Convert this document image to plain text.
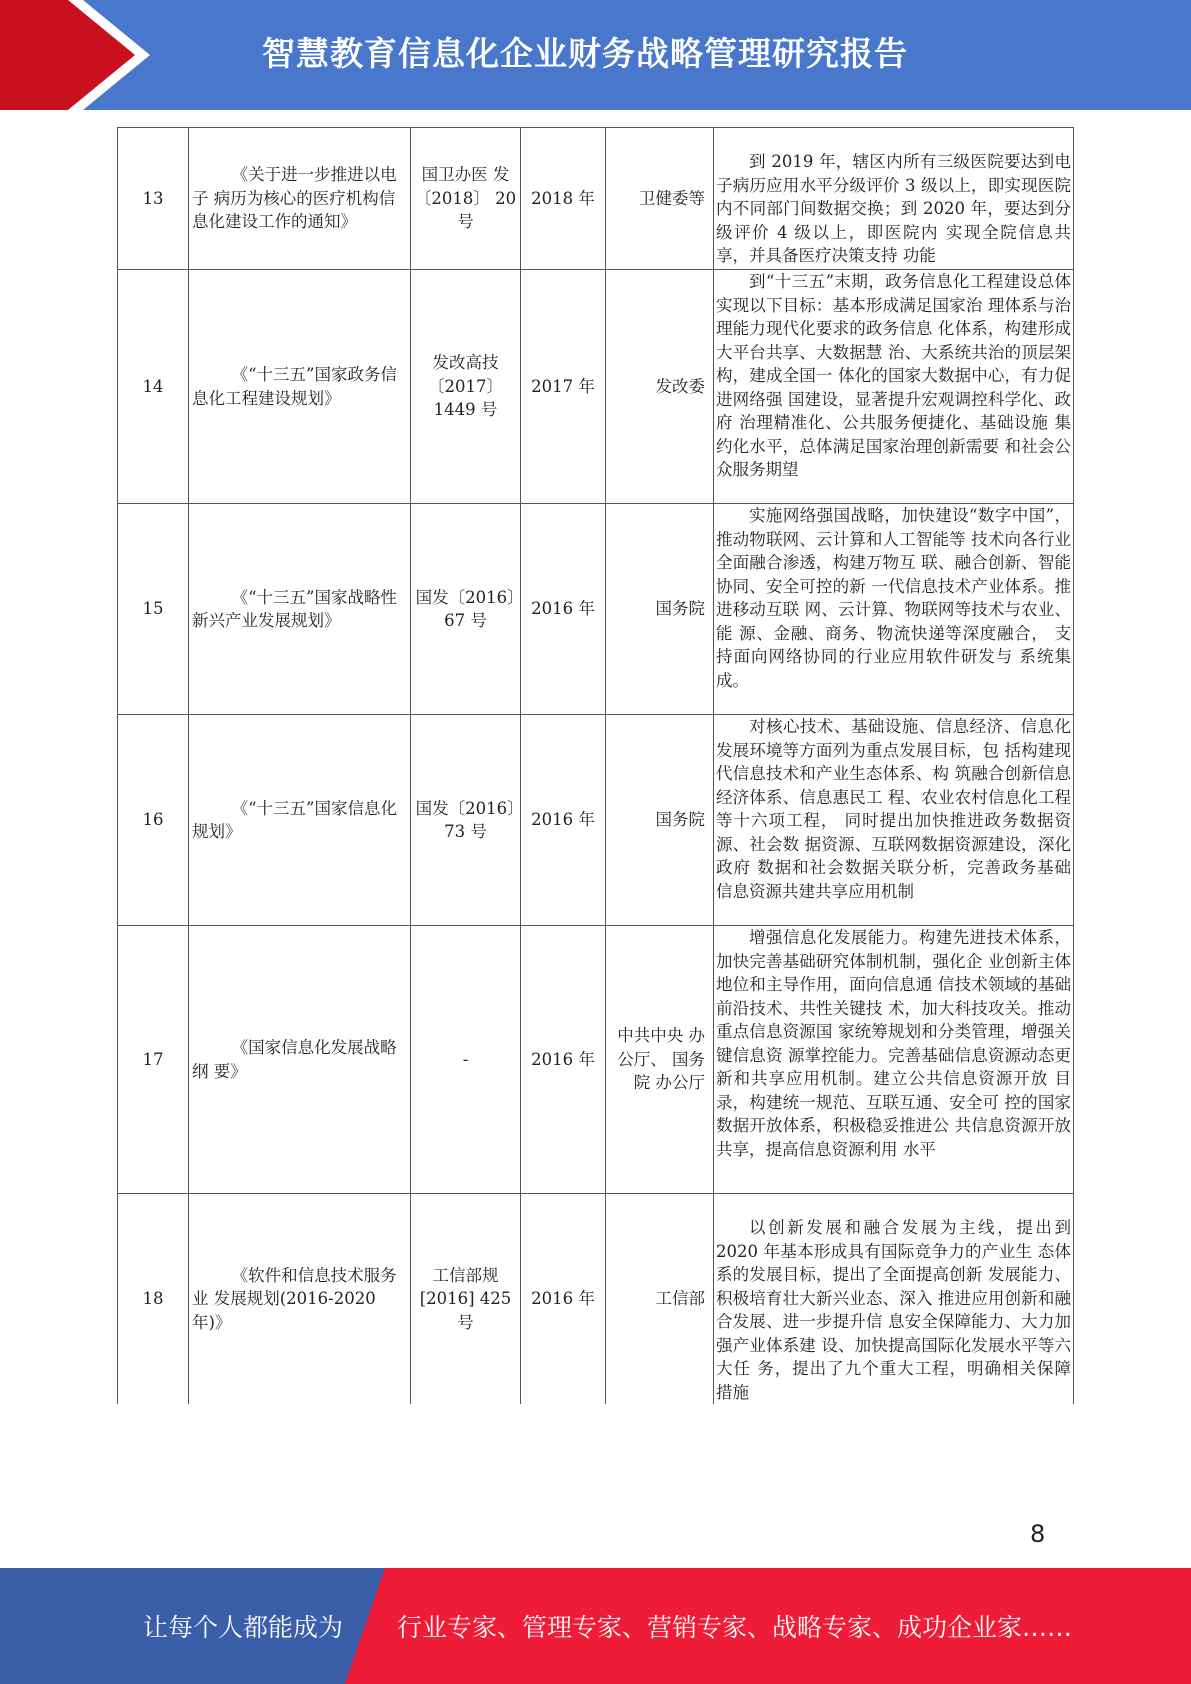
智慧教育信息化企业财务战略管理研究报告
13	《关于进一步推进以电子 病历为核心的医疗机构信 息化建设工作的通知》	国卫办医 发〔2018〕 20 号	2018 年	卫健委等	到 2019 年，辖区内所有三级医院要达到电 子病历应用水平分级评价 3 级以上，即实现医院内不同部门间数据交换；到 2020 年，要达到分级评价 4 级以上，即医院内 实现全院信息共享，并具备医疗决策支持 功能
14	《“十三五”国家政务信 息化工程建设规划》	发改高技 〔2017〕 1449 号	2017 年	发改委	到“十三五”末期，政务信息化工程建设总体实现以下目标：基本形成满足国家治 理体系与治理能力现代化要求的政务信息 化体系，构建形成大平台共享、大数据慧 治、大系统共治的顶层架构，建成全国一 体化的国家大数据中心，有力促进网络强 国建设，显著提升宏观调控科学化、政府 治理精准化、公共服务便捷化、基础设施 集约化水平，总体满足国家治理创新需要 和社会公众服务期望
15	《“十三五”国家战略性 新兴产业发展规划》	国发〔2016〕67 号	2016 年	国务院	实施网络强国战略，加快建设“数字中国”，推动物联网、云计算和人工智能等 技术向各行业全面融合渗透，构建万物互 联、融合创新、智能协同、安全可控的新 一代信息技术产业体系。推进移动互联 网、云计算、物联网等技术与农业、能 源、金融、商务、物流快递等深度融合， 支持面向网络协同的行业应用软件研发与 系统集成。
16	《“十三五”国家信息化 规划》	国发〔2016〕73 号	2016 年	国务院	对核心技术、基础设施、信息经济、信息化发展环境等方面列为重点发展目标，包 括构建现代信息技术和产业生态体系、构 筑融合创新信息经济体系、信息惠民工 程、农业农村信息化工程等十六项工程， 同时提出加快推进政务数据资源、社会数 据资源、互联网数据资源建设，深化政府 数据和社会数据关联分析，完善政务基础 信息资源共建共享应用机制
17	《国家信息化发展战略纲 要》	-	2016 年	中共中央 办公厅、 国务院 办公厅	增强信息化发展能力。构建先进技术体系，加快完善基础研究体制机制，强化企 业创新主体地位和主导作用，面向信息通 信技术领域的基础前沿技术、共性关键技 术，加大科技攻关。推动重点信息资源国 家统筹规划和分类管理，增强关键信息资 源掌控能力。完善基础信息资源动态更新和共享应用机制。建立公共信息资源开放 目录，构建统一规范、互联互通、安全可 控的国家数据开放体系，积极稳妥推进公 共信息资源开放共享，提高信息资源利用 水平
18	《软件和信息技术服务业 发展规划(2016-2020 年)》	工信部规 [2016] 425 号	2016 年	工信部	以创新发展和融合发展为主线，提出到 2020 年基本形成具有国际竞争力的产业生 态体系的发展目标，提出了全面提高创新 发展能力、积极培育壮大新兴业态、深入 推进应用创新和融合发展、进一步提升信 息安全保障能力、大力加强产业体系建 设、加快提高国际化发展水平等六大任 务，提出了九个重大工程，明确相关保障 措施
8
让每个人都能成为 行业专家、管理专家、营销专家、战略专家、成功企业家……
